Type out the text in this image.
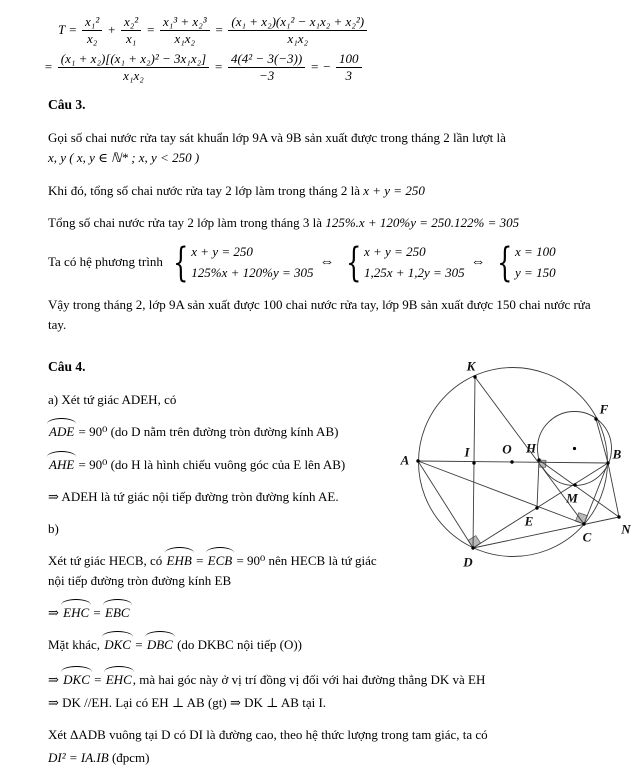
$T = \frac{\text{x₁²}}{\text{x₂}} + \frac{\text{x₂²}}{\text{x₁}} = \frac{\text{x₁³ + x₂³}}{\text{x₁x₂}} = \frac{\text{(x₁ + x₂)(x₁² − x₁x₂ + x₂²)}}{\text{x₁x₂}}$
= $\frac{\text{(x₁ + x₂)[(x₁ + x₂)² − 3x₁x₂]}}{\text{x₁x₂}} = \frac{\text{4(4² − 3(−3))}}{-3}$ = − $\frac{100}{3}$
Câu 3.

Gọi số chai nước rửa tay sát khuẩn lớp 9A và 9B sản xuất được trong tháng 2 lần lượt là
x, y ( x, y ∈ ℕ* ; x, y < 250 )

Khi đó, tổng số chai nước rửa tay 2 lớp làm trong tháng 2 là x + y = 250

Tổng số chai nước rửa tay 2 lớp làm trong tháng 3 là 125%.x + 120%y = 250.122% = 305

Ta có hệ phương trình { x + y = 250
125%x + 120%y = 305
⇔ { x + y = 250
1,25x + 1,2y = 305
⇔ { x = 100
y = 150

Vậy trong tháng 2, lớp 9A sản xuất được 100 chai nước rửa tay, lớp 9B sản xuất được 150 chai nước rửa tay.

A	B
K
F
I	O H
M
E
C
D
N
Câu 4.

a) Xét tứ giác ADEH, có

ADE = 90⁰ (do D nằm trên đường tròn đường kính AB)

AHE = 90⁰ (do H là hình chiếu vuông góc của E lên AB)

⇒ ADEH là tứ giác nội tiếp đường tròn đường kính AE.

b)

Xét tứ giác HECB, có EHB = ECB = 90⁰ nên HECB là tứ giác nội tiếp đường tròn đường kính EB

⇒ EHC = EBC

Mặt khác, DKC = DBC (do DKBC nội tiếp (O))

⇒ DKC = EHC, mà hai góc này ở vị trí đồng vị đối với hai đường thẳng DK và EH

⇒ DK //EH. Lại có EH ⊥ AB (gt) ⇒ DK ⊥ AB tại I.

Xét ΔADB vuông tại D có DI là đường cao, theo hệ thức lượng trong tam giác, ta có

DI² = IA.IB (đpcm)
